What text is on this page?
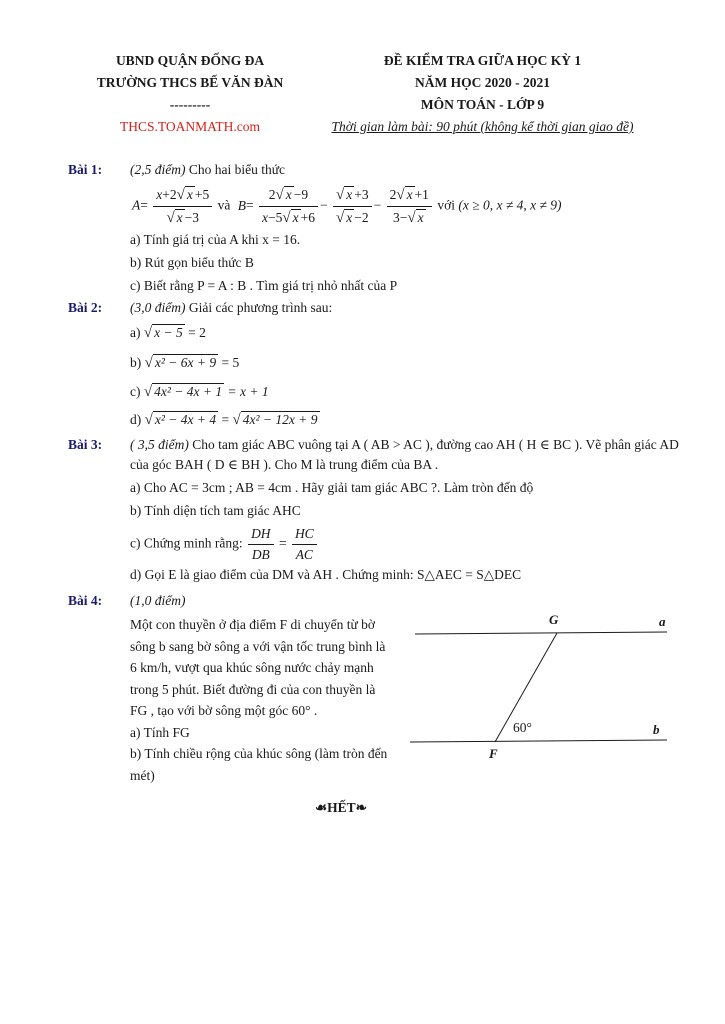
UBND QUẬN ĐỐNG ĐA
TRƯỜNG THCS BẾ VĂN ĐÀN
---------
THCS.TOANMATH.com
ĐỀ KIỂM TRA GIỮA HỌC KỲ 1
NĂM HỌC 2020 - 2021
MÔN TOÁN - LỚP 9
Thời gian làm bài: 90 phút (không kể thời gian giao đề)
Bài 1: (2,5 điểm) Cho hai biểu thức
$A= \frac{x+2√ x +5}{√ x -3}$ và $B= \frac{2√ x -9}{x-5√ x +6} - \frac{√ x +3}{√ x -2} - \frac{2√ x +1}{3-√ x}$ với (x ≥ 0, x ≠ 4, x ≠ 9)
a) Tính giá trị của A khi x = 16.
b) Rút gọn biểu thức B
c) Biết rằng P = A : B . Tìm giá trị nhỏ nhất của P
Bài 2: (3,0 điểm) Giải các phương trình sau:
a) √ x − 5 = 2
b) √ x² − 6x + 9 = 5
c) √ 4x² − 4x + 1 = x + 1
d) √ x² − 4x + 4 = √ 4x² − 12x + 9
Bài 3: ( 3,5 điểm) Cho tam giác ABC vuông tại A ( AB > AC ), đường cao AH ( H ∈ BC ). Vẽ phân giác AD của góc BAH ( D ∈ BH ). Cho M là trung điểm của BA .
a) Cho AC = 3cm ; AB = 4cm . Hãy giải tam giác ABC ?. Làm tròn đến độ
b) Tính diện tích tam giác AHC
c) Chứng minh rằng: $\frac{DH}{DB} = \frac{HC}{AC}$
d) Gọi E là giao điểm của DM và AH . Chứng minh: S△AEC = S△DEC
Bài 4: (1,0 điểm)
Một con thuyền ở địa điểm F di chuyển từ bờ sông b sang bờ sông a với vận tốc trung bình là 6 km/h, vượt qua khúc sông nước chảy mạnh trong 5 phút. Biết đường đi của con thuyền là FG , tạo với bờ sông một góc 60° .
a) Tính FG
b) Tính chiều rộng của khúc sông (làm tròn đến mét)
G
F
a
b
60°
☙HẾT❧
